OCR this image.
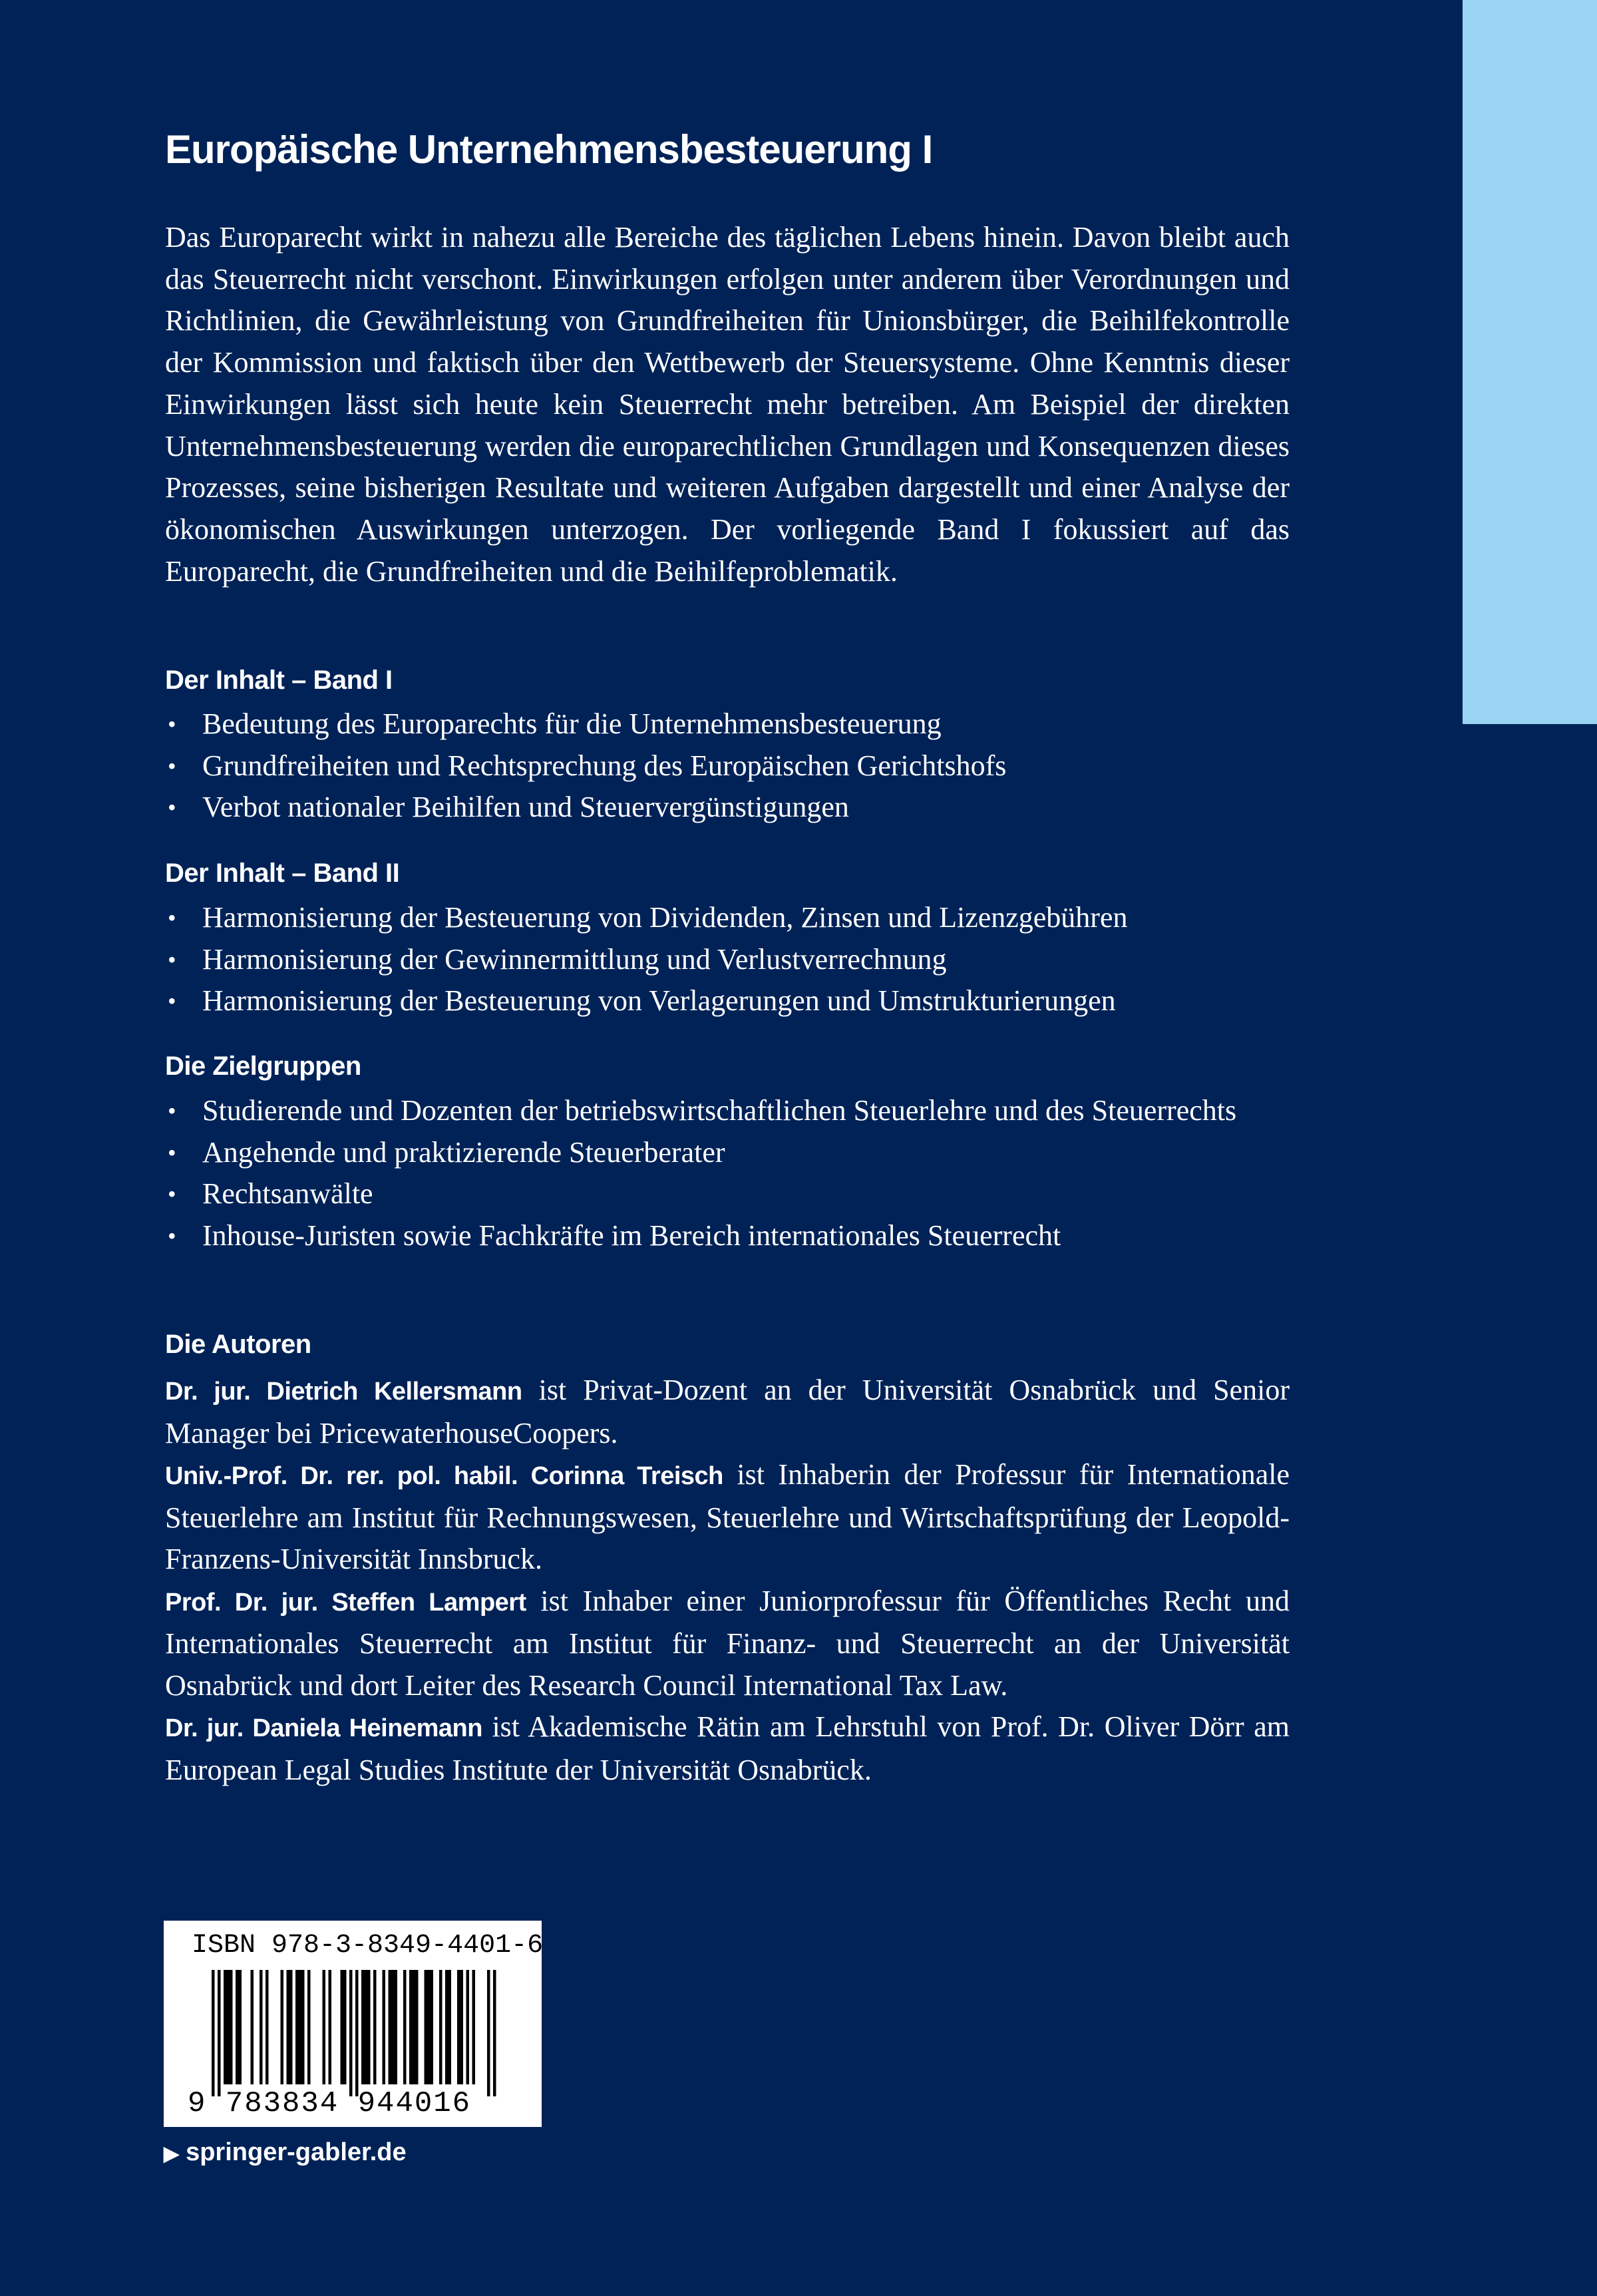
Europäische Unternehmensbesteuerung I

Das Europarecht wirkt in nahezu alle Bereiche des täglichen Lebens hinein. Davon bleibt auch das Steuerrecht nicht verschont. Einwirkungen erfolgen unter anderem über Verordnungen und Richtlinien, die Gewährleistung von Grundfreiheiten für Unionsbürger, die Beihilfekontrolle der Kommission und faktisch über den Wettbewerb der Steuersysteme. Ohne Kenntnis dieser Einwirkungen lässt sich heute kein Steuerrecht mehr betreiben. Am Beispiel der direkten Unternehmensbesteuerung werden die europarechtlichen Grundlagen und Konsequenzen dieses Prozesses, seine bisherigen Resultate und weiteren Aufgaben dargestellt und einer Analyse der ökonomischen Auswirkungen unterzogen. Der vorliegende Band I fokussiert auf das Europarecht, die Grundfreiheiten und die Beihilfeproblematik.

Der Inhalt – Band I
• Bedeutung des Europarechts für die Unternehmensbesteuerung
• Grundfreiheiten und Rechtsprechung des Europäischen Gerichtshofs
• Verbot nationaler Beihilfen und Steuervergünstigungen
Der Inhalt – Band II
• Harmonisierung der Besteuerung von Dividenden, Zinsen und Lizenzgebühren
• Harmonisierung der Gewinnermittlung und Verlustverrechnung
• Harmonisierung der Besteuerung von Verlagerungen und Umstrukturierungen
Die Zielgruppen
• Studierende und Dozenten der betriebswirtschaftlichen Steuerlehre und des Steuerrechts
• Angehende und praktizierende Steuerberater
• Rechtsanwälte
• Inhouse-Juristen sowie Fachkräfte im Bereich internationales Steuerrecht
Die Autoren

Dr. jur. Dietrich Kellersmann ist Privat-Dozent an der Universität Osnabrück und Senior Manager bei PricewaterhouseCoopers.

Univ.-Prof. Dr. rer. pol. habil. Corinna Treisch ist Inhaberin der Professur für Internationale Steuerlehre am Institut für Rechnungswesen, Steuerlehre und Wirtschaftsprüfung der Leopold-Franzens-Universität Innsbruck.

Prof. Dr. jur. Steffen Lampert ist Inhaber einer Juniorprofessur für Öffentliches Recht und Internationales Steuerrecht am Institut für Finanz- und Steuerrecht an der Universität Osnabrück und dort Leiter des Research Council International Tax Law.

Dr. jur. Daniela Heinemann ist Akademische Rätin am Lehrstuhl von Prof. Dr. Oliver Dörr am European Legal Studies Institute der Universität Osnabrück.

ISBN 978-3-8349-4401-6
9 783834 944016
▶ springer-gabler.de
